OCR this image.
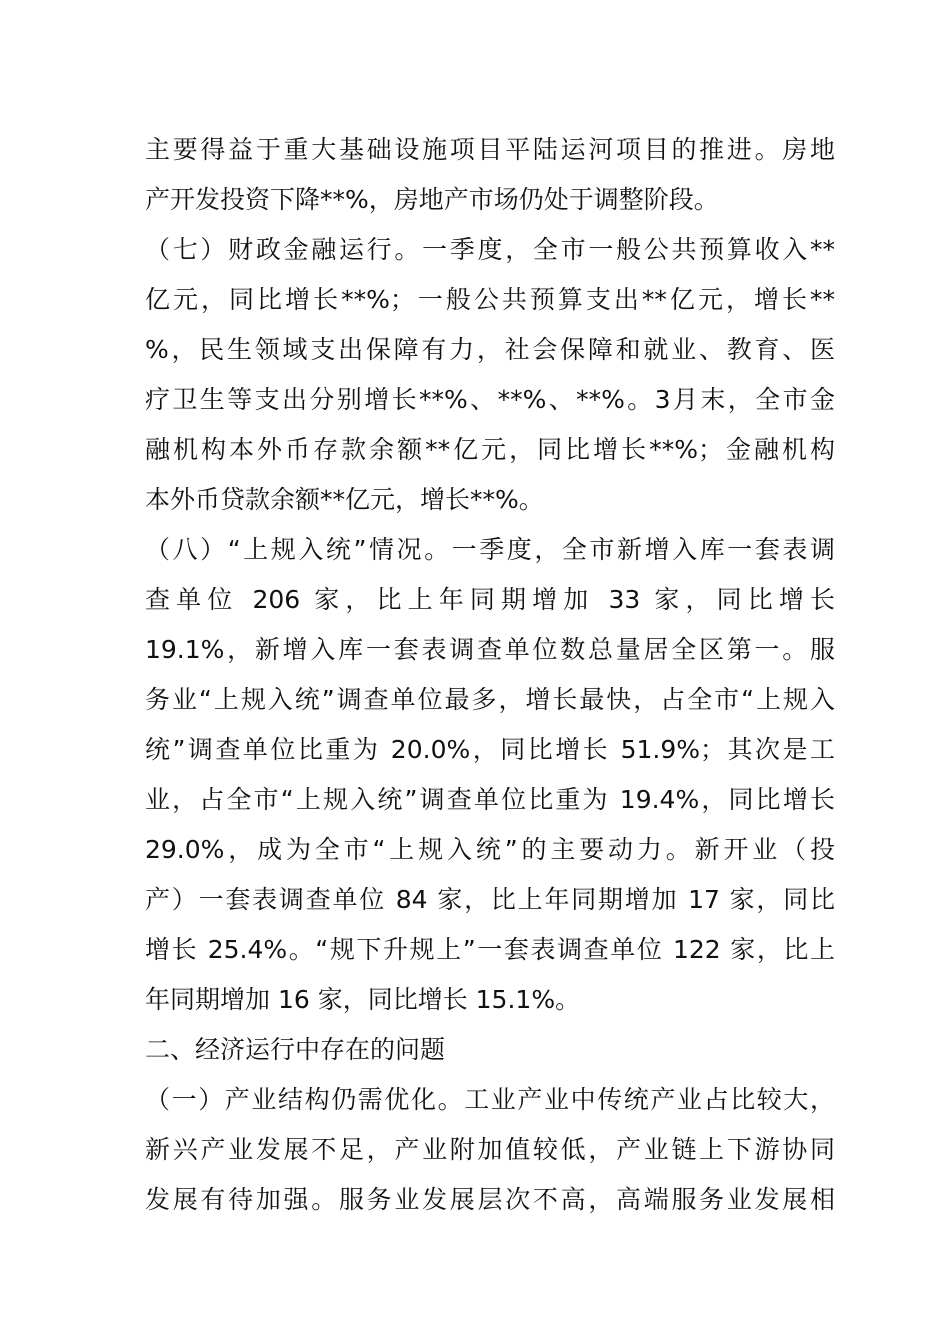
主要得益于重大基础设施项目平陆运河项目的推进。房地
产开发投资下降**%，房地产市场仍处于调整阶段。
（七）财政金融运行。一季度，全市一般公共预算收入**
亿元，同比增长**%；一般公共预算支出**亿元，增长**
%，民生领域支出保障有力，社会保障和就业、教育、医
疗卫生等支出分别增长**%、**%、**%。3月末，全市金
融机构本外币存款余额**亿元，同比增长**%；金融机构
本外币贷款余额**亿元，增长**%。
（八）“上规入统”情况。一季度，全市新增入库一套表调
查单位 206 家，比上年同期增加 33 家，同比增长
19.1%，新增入库一套表调查单位数总量居全区第一。服
务业“上规入统”调查单位最多，增长最快，占全市“上规入
统”调查单位比重为 20.0%，同比增长 51.9%；其次是工
业，占全市“上规入统”调查单位比重为 19.4%，同比增长
29.0%，成为全市“上规入统”的主要动力。新开业（投
产）一套表调查单位 84 家，比上年同期增加 17 家，同比
增长 25.4%。“规下升规上”一套表调查单位 122 家，比上
年同期增加 16 家，同比增长 15.1%。
二、经济运行中存在的问题
（一）产业结构仍需优化。工业产业中传统产业占比较大，
新兴产业发展不足，产业附加值较低，产业链上下游协同
发展有待加强。服务业发展层次不高，高端服务业发展相
